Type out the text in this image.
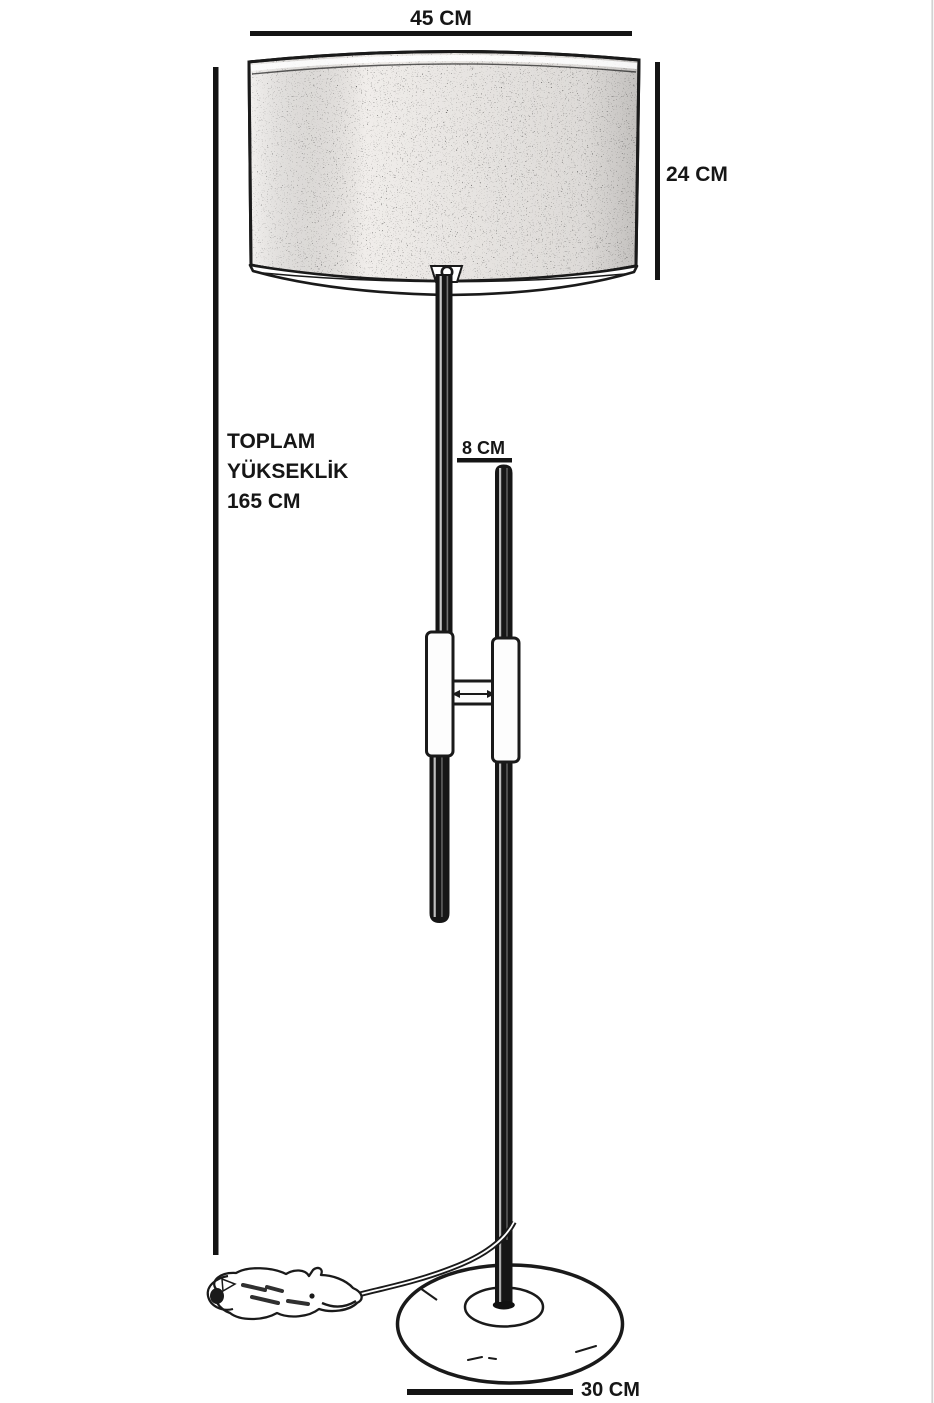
45 CM
24 CM
TOPLAM
YÜKSEKLİK
165 CM
8 CM
30 CM
